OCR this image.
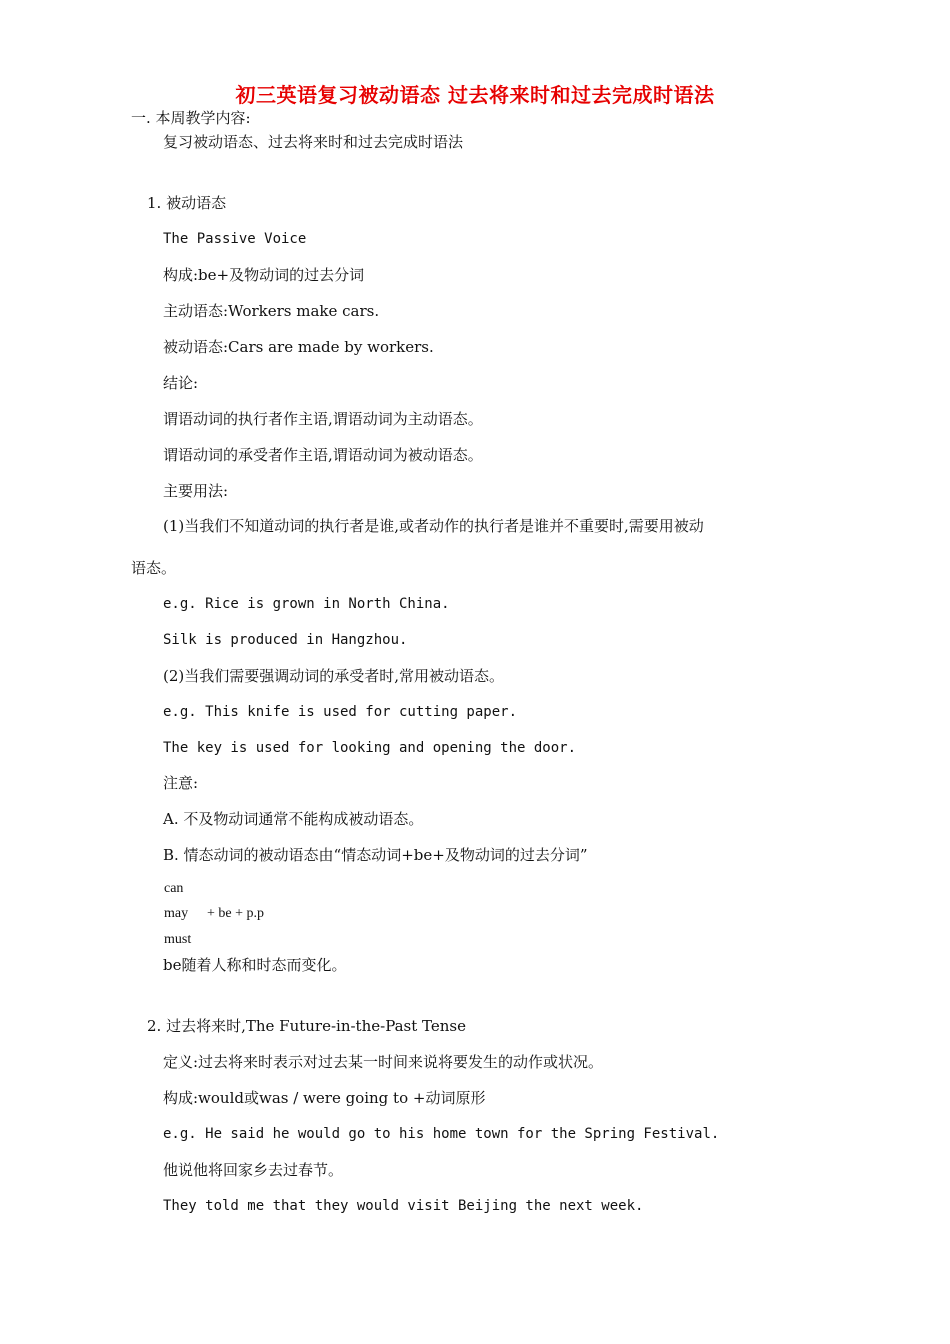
初三英语复习被动语态 过去将来时和过去完成时语法
一. 本周教学内容:
复习被动语态、过去将来时和过去完成时语法
1. 被动语态
The Passive Voice
构成:be+及物动词的过去分词
主动语态:Workers make cars.
被动语态:Cars are made by workers.
结论:
谓语动词的执行者作主语,谓语动词为主动语态。
谓语动词的承受者作主语,谓语动词为被动语态。
主要用法:
(1)当我们不知道动词的执行者是谁,或者动作的执行者是谁并不重要时,需要用被动
语态。
e.g. Rice is grown in North China.
Silk is produced in Hangzhou.
(2)当我们需要强调动词的承受者时,常用被动语态。
e.g. This knife is used for cutting paper.
The key is used for looking and opening the door.
注意:
A. 不及物动词通常不能构成被动语态。
B. 情态动词的被动语态由“情态动词+be+及物动词的过去分词”
can
may + be + p.p
must
be随着人称和时态而变化。
2. 过去将来时,The Future-in-the-Past Tense
定义:过去将来时表示对过去某一时间来说将要发生的动作或状况。
构成:would或was / were going to +动词原形
e.g. He said he would go to his home town for the Spring Festival.
他说他将回家乡去过春节。
They told me that they would visit Beijing the next week.
